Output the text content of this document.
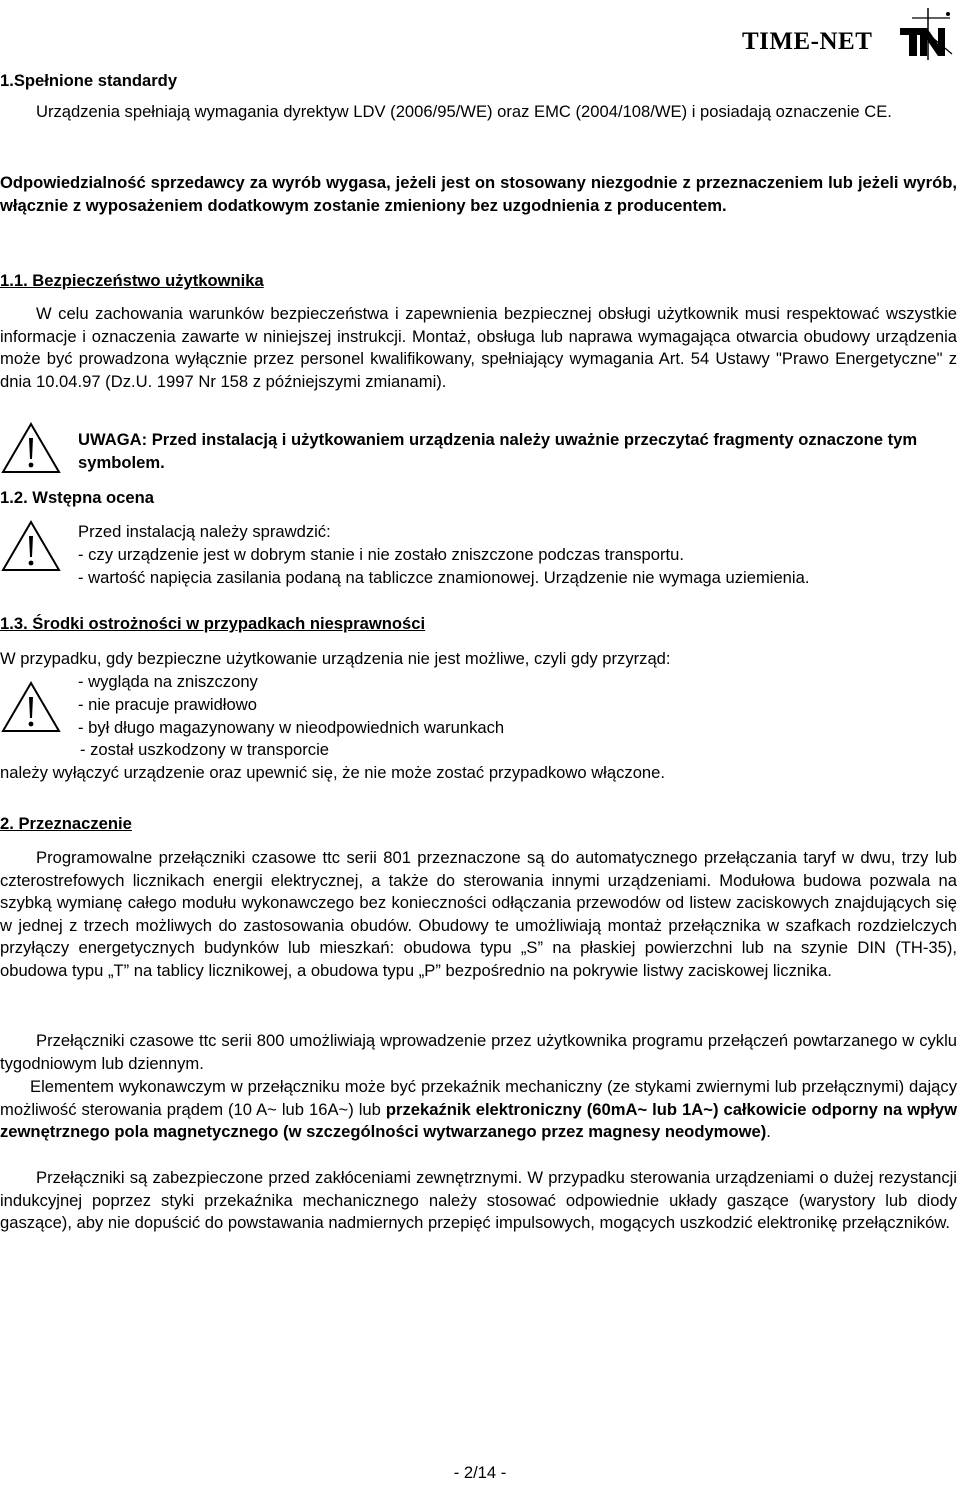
TIME-NET
1.Spełnione standardy
Urządzenia spełniają wymagania dyrektyw LDV (2006/95/WE) oraz EMC (2004/108/WE) i posiadają oznaczenie CE.
Odpowiedzialność sprzedawcy za wyrób wygasa, jeżeli jest on stosowany niezgodnie z przeznaczeniem lub jeżeli wyrób, włącznie z wyposażeniem dodatkowym zostanie zmieniony bez uzgodnienia z producentem.
1.1. Bezpieczeństwo użytkownika
W celu zachowania warunków bezpieczeństwa i zapewnienia bezpiecznej obsługi użytkownik musi respektować wszystkie informacje i oznaczenia zawarte w niniejszej instrukcji. Montaż, obsługa lub naprawa wymagająca otwarcia obudowy urządzenia może być prowadzona wyłącznie przez personel kwalifikowany, spełniający wymagania Art. 54 Ustawy "Prawo Energetyczne" z dnia 10.04.97 (Dz.U. 1997 Nr 158 z późniejszymi zmianami).
UWAGA: Przed instalacją i użytkowaniem urządzenia należy uważnie przeczytać fragmenty oznaczone tym symbolem.
1.2. Wstępna ocena
Przed instalacją należy sprawdzić:
- czy urządzenie jest w dobrym stanie i nie zostało zniszczone podczas transportu.
- wartość napięcia zasilania podaną na tabliczce znamionowej. Urządzenie nie wymaga uziemienia.
1.3. Środki ostrożności w przypadkach niesprawności
W przypadku, gdy bezpieczne użytkowanie urządzenia nie jest możliwe, czyli gdy przyrząd:
- wygląda na zniszczony
- nie pracuje prawidłowo
- był długo magazynowany w nieodpowiednich warunkach
- został uszkodzony w transporcie
należy wyłączyć urządzenie oraz upewnić się, że nie może zostać przypadkowo włączone.
2. Przeznaczenie
Programowalne przełączniki czasowe ttc serii 801 przeznaczone są do automatycznego przełączania taryf w dwu, trzy lub czterostrefowych licznikach energii elektrycznej, a także do sterowania innymi urządzeniami. Modułowa budowa pozwala na szybką wymianę całego modułu wykonawczego bez konieczności odłączania przewodów od listew zaciskowych znajdujących się w jednej z trzech możliwych do zastosowania obudów. Obudowy te umożliwiają montaż przełącznika w szafkach rozdzielczych przyłączy energetycznych budynków lub mieszkań: obudowa typu „S” na płaskiej powierzchni lub na szynie DIN (TH-35), obudowa typu „T” na tablicy licznikowej, a obudowa typu „P” bezpośrednio na pokrywie listwy zaciskowej licznika.
Przełączniki czasowe ttc serii 800 umożliwiają wprowadzenie przez użytkownika programu przełączeń powtarzanego w cyklu tygodniowym lub dziennym.
Elementem wykonawczym w przełączniku może być przekaźnik mechaniczny (ze stykami zwiernymi lub przełącznymi) dający możliwość sterowania prądem (10 A~ lub 16A~) lub przekaźnik elektroniczny (60mA~ lub 1A~) całkowicie odporny na wpływ zewnętrznego pola magnetycznego (w szczególności wytwarzanego przez magnesy neodymowe).
Przełączniki są zabezpieczone przed zakłóceniami zewnętrznymi. W przypadku sterowania urządzeniami o dużej rezystancji indukcyjnej poprzez styki przekaźnika mechanicznego należy stosować odpowiednie układy gaszące (warystory lub diody gaszące), aby nie dopuścić do powstawania nadmiernych przepięć impulsowych, mogących uszkodzić elektronikę przełączników.
- 2/14 -
